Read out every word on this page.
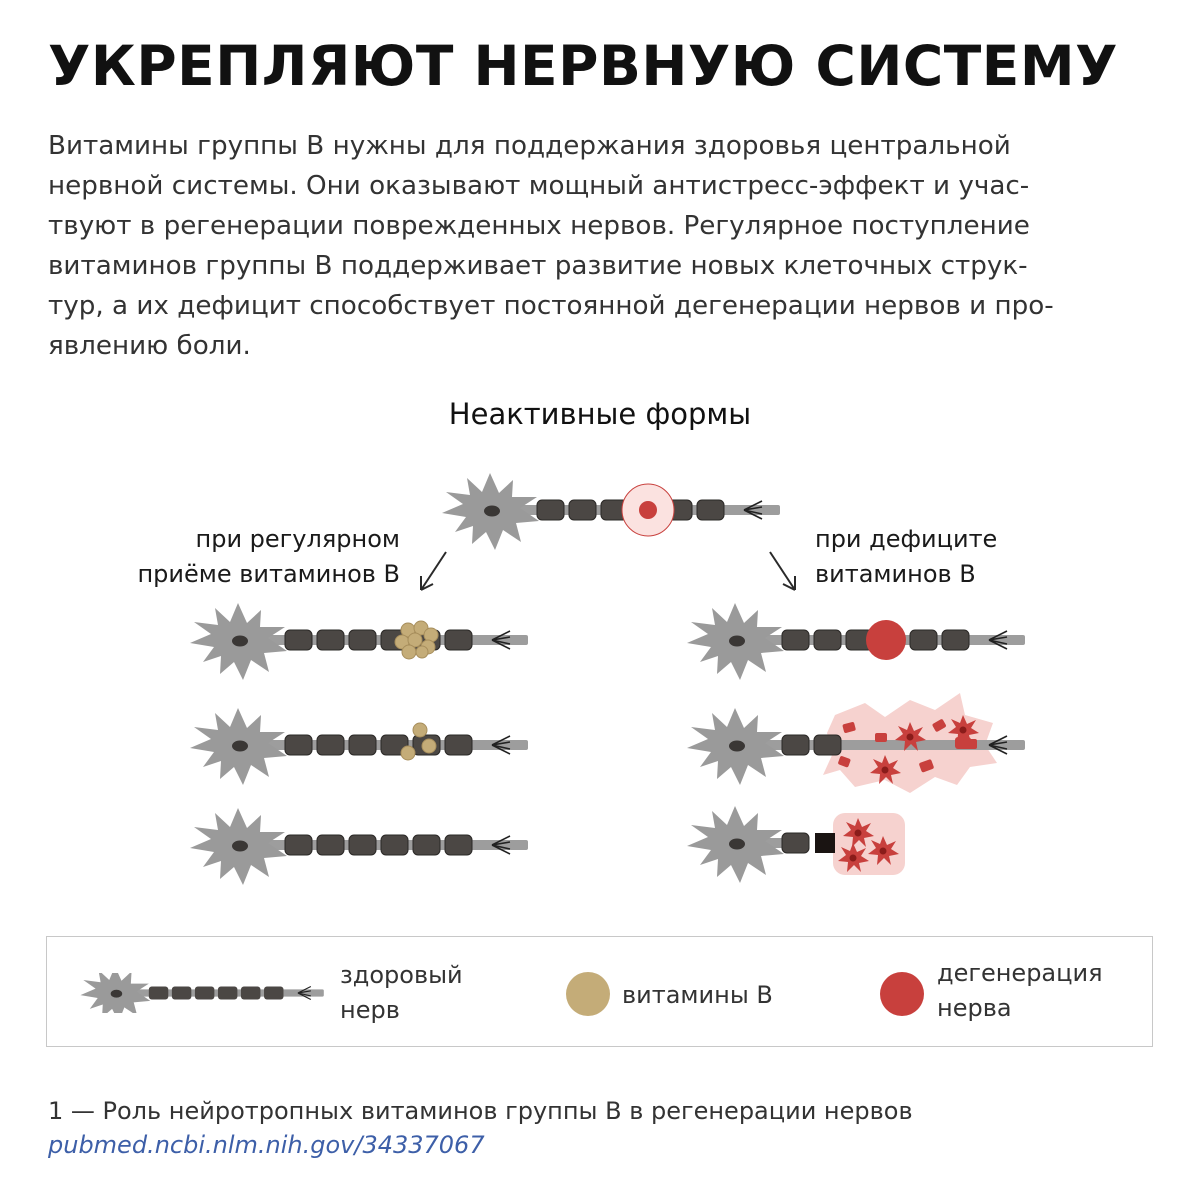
УКРЕПЛЯЮТ НЕРВНУЮ СИСТЕМУ
Витамины группы B нужны для поддержания здоровья центральной
нервной системы. Они оказывают мощный антистресс-эффект и учас-
твуют в регенерации поврежденных нервов. Регулярное поступление
витаминов группы B поддерживает развитие новых клеточных струк-
тур, а их дефицит способствует постоянной дегенерации нервов и про-
явлению боли.
Неактивные формы
при регулярном
приёме витаминов В
при дефиците
витаминов В
здоровый
нерв
витамины В
дегенерация
нерва
1 — Роль нейротропных витаминов группы B в регенерации нервов
pubmed.ncbi.nlm.nih.gov/34337067
